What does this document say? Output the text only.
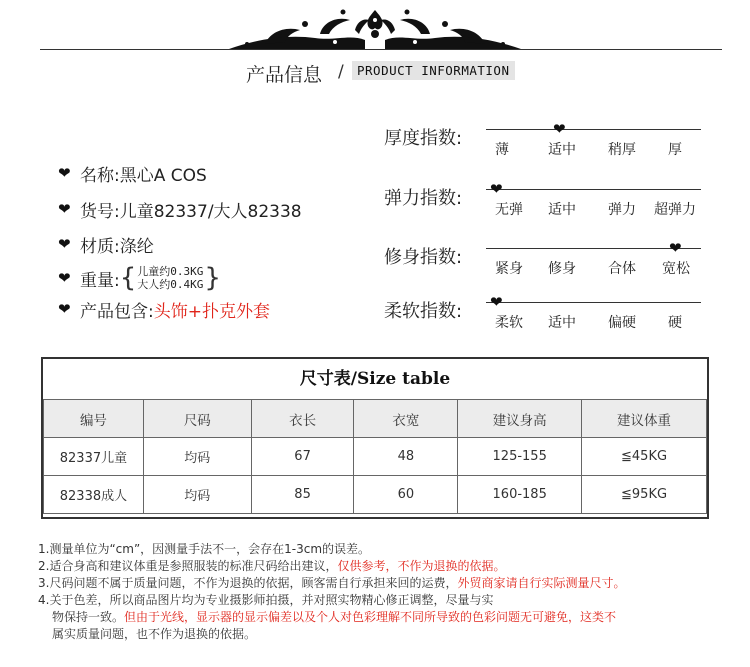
产品信息 /	PRODUCT INFORMATION
❤ 名称: 黑心A COS
❤ 货号: 儿童82337/大人82338
❤ 材质: 涤纶
❤ 重量: { 儿童约0.3KG
大人约0.4KG }
❤ 产品包含: 头饰+扑克外套
厚度指数:	❤
薄	适中 稍厚 厚
弹力指数: ❤
无弹 适中 弹力 超弹力
修身指数:	❤
紧身 修身 合体 宽松
柔软指数: ❤
柔软 适中 偏硬 硬
尺寸表/Size table
编号	尺码	衣长	衣宽	建议身高	建议体重
82337儿童	均码	67	48	125-155	≦45KG
82338成人	均码	85	60	160-185	≦95KG
1.测量单位为“cm”，因测量手法不一，会存在1-3cm的误差。
2.适合身高和建议体重是参照服装的标准尺码给出建议，仅供参考，不作为退换的依据。
3.尺码问题不属于质量问题，不作为退换的依据，顾客需自行承担来回的运费，外贸商家请自行实际测量尺寸。
4.关于色差，所以商品图片均为专业摄影师拍摄，并对照实物精心修正调整，尽量与实
物保持一致。但由于光线，显示器的显示偏差以及个人对色彩理解不同所导致的色彩问题无可避免，这类不
属实质量问题，也不作为退换的依据。
